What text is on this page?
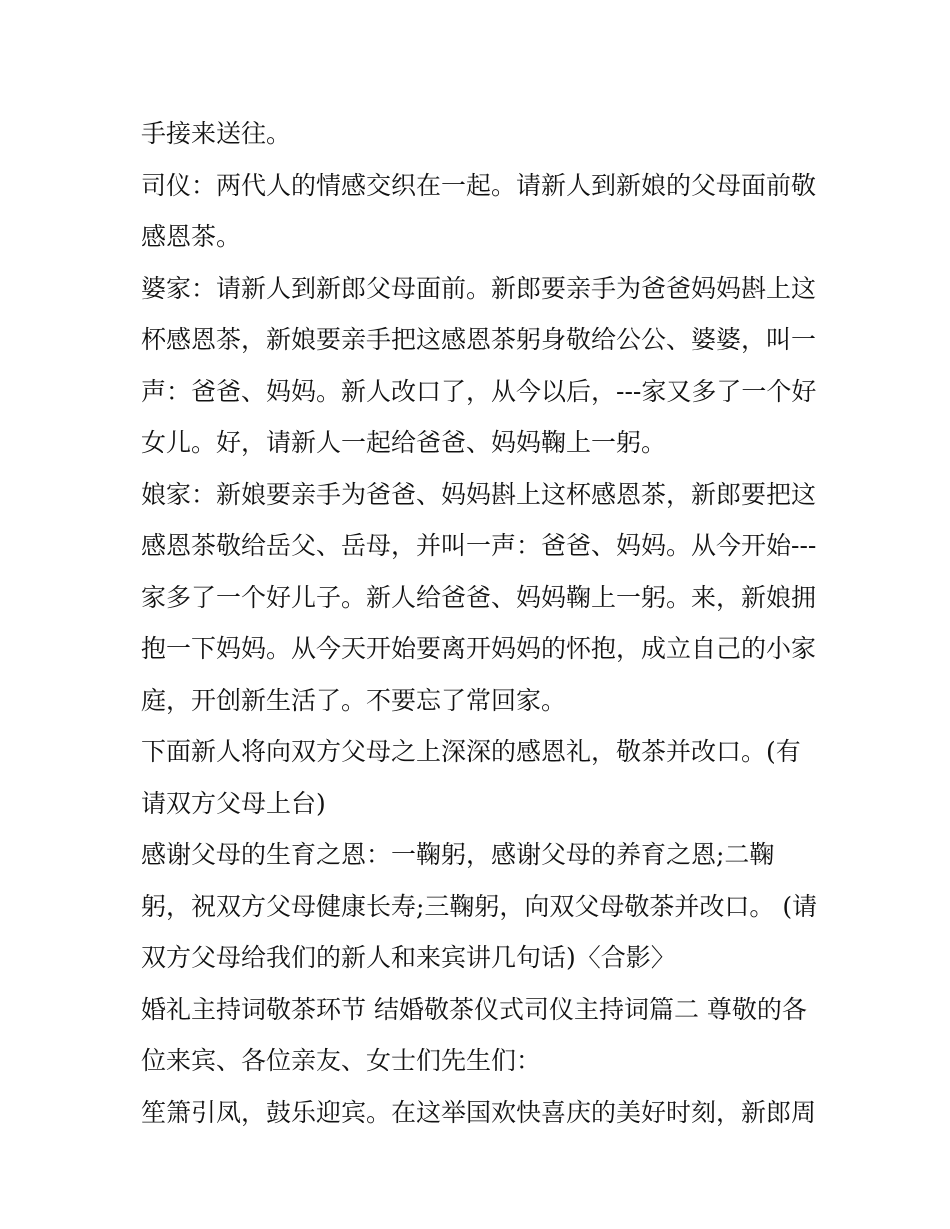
手接来送往。
司仪：两代人的情感交织在一起。请新人到新娘的父母面前敬
感恩茶。
婆家：请新人到新郎父母面前。新郎要亲手为爸爸妈妈斟上这
杯感恩茶，新娘要亲手把这感恩茶躬身敬给公公、婆婆，叫一
声：爸爸、妈妈。新人改口了，从今以后，---家又多了一个好
女儿。好，请新人一起给爸爸、妈妈鞠上一躬。
娘家：新娘要亲手为爸爸、妈妈斟上这杯感恩茶，新郎要把这
感恩茶敬给岳父、岳母，并叫一声：爸爸、妈妈。从今开始---
家多了一个好儿子。新人给爸爸、妈妈鞠上一躬。来，新娘拥
抱一下妈妈。从今天开始要离开妈妈的怀抱，成立自己的小家
庭，开创新生活了。不要忘了常回家。
下面新人将向双方父母之上深深的感恩礼，敬茶并改口。(有
请双方父母上台)
感谢父母的生育之恩：一鞠躬，感谢父母的养育之恩;二鞠
躬，祝双方父母健康长寿;三鞠躬，向双父母敬茶并改口。 (请
双方父母给我们的新人和来宾讲几句话)〈合影〉
婚礼主持词敬茶环节 结婚敬茶仪式司仪主持词篇二 尊敬的各
位来宾、各位亲友、女士们先生们：
笙箫引凤，鼓乐迎宾。在这举国欢快喜庆的美好时刻，新郎周
